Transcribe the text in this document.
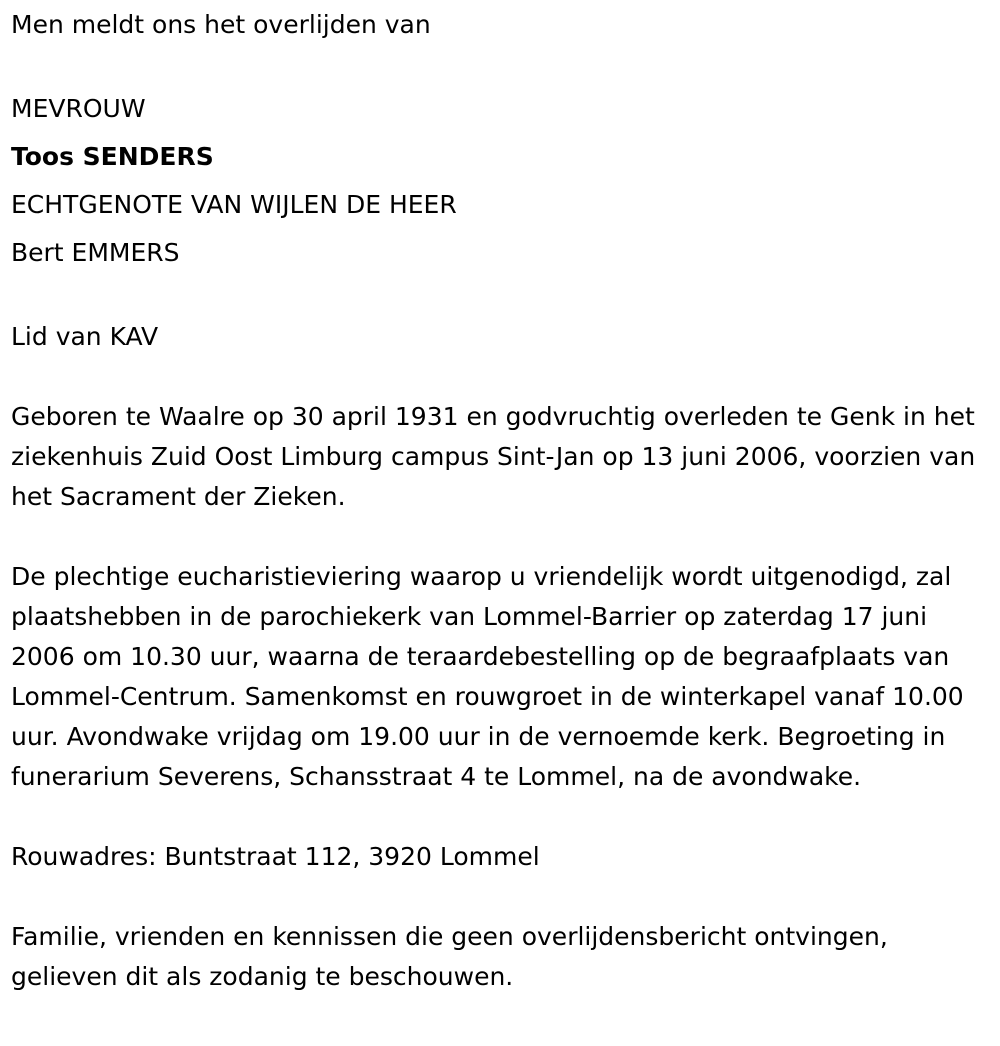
Men meldt ons het overlijden van

MEVROUW

Toos SENDERS

ECHTGENOTE VAN WIJLEN DE HEER

Bert EMMERS

Lid van KAV

Geboren te Waalre op 30 april 1931 en godvruchtig overleden te Genk in het ziekenhuis Zuid Oost Limburg campus Sint-Jan op 13 juni 2006, voorzien van het Sacrament der Zieken.

De plechtige eucharistieviering waarop u vriendelijk wordt uitgenodigd, zal plaatshebben in de parochiekerk van Lommel-Barrier op zaterdag 17 juni 2006 om 10.30 uur, waarna de teraardebestelling op de begraafplaats van Lommel-Centrum. Samenkomst en rouwgroet in de winterkapel vanaf 10.00 uur. Avondwake vrijdag om 19.00 uur in de vernoemde kerk. Begroeting in funerarium Severens, Schansstraat 4 te Lommel, na de avondwake.

Rouwadres: Buntstraat 112, 3920 Lommel

Familie, vrienden en kennissen die geen overlijdensbericht ontvingen, gelieven dit als zodanig te beschouwen.
